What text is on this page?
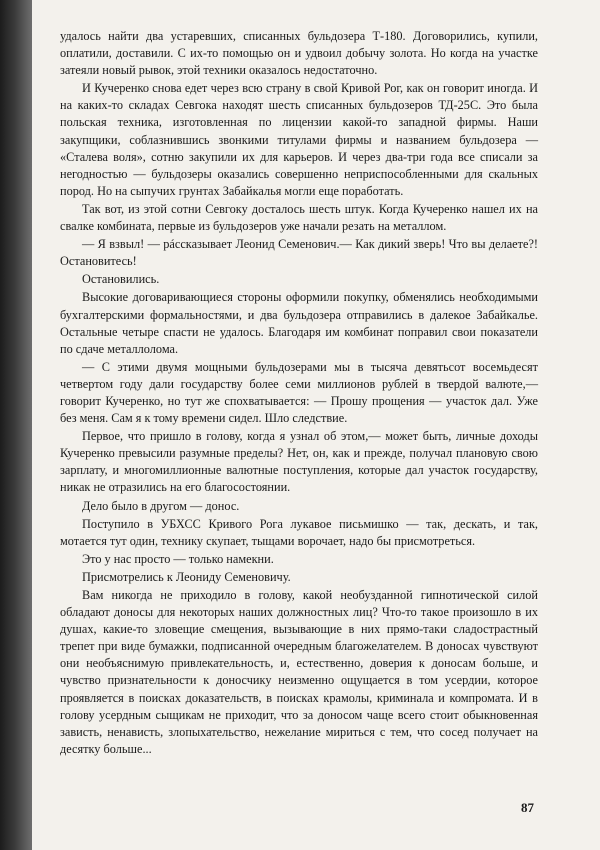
удалось найти два устаревших, списанных бульдозера Т-180. Договорились, купили, оплатили, доставили. С их-то помощью он и удвоил добычу золота. Но когда на участке затеяли новый рывок, этой техники оказалось недостаточно.

И Кучеренко снова едет через всю страну в свой Кривой Рог, как он говорит иногда. И на каких-то складах Севгока находят шесть списанных бульдозеров ТД-25С. Это была польская техника, изготовленная по лицензии какой-то западной фирмы. Наши закупщики, соблазнившись звонкими титулами фирмы и названием бульдозера — «Сталева воля», сотню закупили их для карьеров. И через два-три года все списали за негодностью — бульдозеры оказались совершенно неприспособленными для скальных пород. Но на сыпучих грунтах Забайкалья могли еще поработать.

Так вот, из этой сотни Севгоку досталось шесть штук. Когда Кучеренко нашел их на свалке комбината, первые из бульдозеров уже начали резать на металлом.

— Я взвыл! — рáсcказывает Леонид Семенович.— Как дикий зверь! Что вы делаете?! Остановитесь!

Остановились.

Высокие договаривающиеся стороны оформили покупку, обменялись необходимыми бухгалтерскими формальностями, и два бульдозера отправились в далекое Забайкалье. Остальные четыре спасти не удалось. Благодаря им комбинат поправил свои показатели по сдаче металлолома.

— С этими двумя мощными бульдозерами мы в тысяча девятьсот восемьдесят четвертом году дали государству более семи миллионов рублей в твердой валюте,— говорит Кучеренко, но тут же спохватывается: — Прошу прощения — участок дал. Уже без меня. Сам я к тому времени сидел. Шло следствие.

Первое, что пришло в голову, когда я узнал об этом,— может быть, личные доходы Кучеренко превысили разумные пределы? Нет, он, как и прежде, получал плановую свою зарплату, и многомиллионные валютные поступления, которые дал участок государству, никак не отразились на его благосостоянии.

Дело было в другом — донос.

Поступило в УБХСС Кривого Рога лукавое письмишко — так, дескать, и так, мотается тут один, технику скупает, тыщами ворочает, надо бы присмотреться.

Это у нас просто — только намекни.

Присмотрелись к Леониду Семеновичу.

Вам никогда не приходило в голову, какой необузданной гипнотической силой обладают доносы для некоторых наших должностных лиц? Что-то такое произошло в их душах, какие-то зловещие смещения, вызывающие в них прямо-таки сладострастный трепет при виде бумажки, подписанной очередным благожелателем. В доносах чувствуют они необъяснимую привлекательность, и, естественно, доверия к доносам больше, и чувство признательности к доносчику неизменно ощущается в том усердии, которое проявляется в поисках доказательств, в поисках крамолы, криминала и компромата. И в голову усердным сыщикам не приходит, что за доносом чаще всего стоит обыкновенная зависть, ненависть, злопыхательство, нежелание мириться с тем, что сосед получает на десятку больше...

87
